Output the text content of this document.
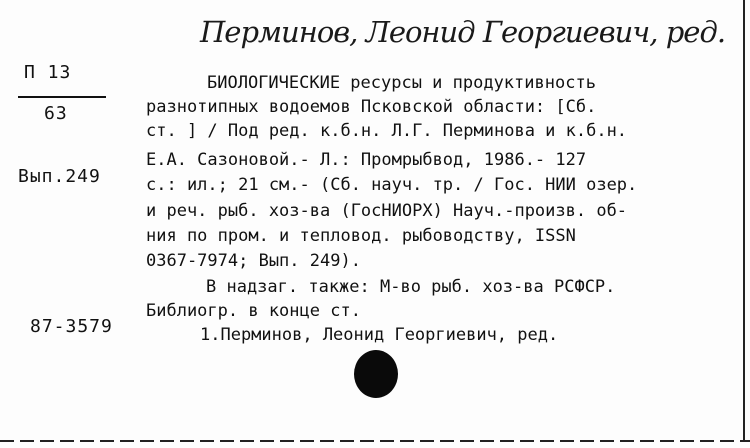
Перминов, Леонид Георгиевич, ред.
П 13
63
Вып.249
87-3579
БИОЛОГИЧЕСКИЕ ресурсы и продуктивность
разнотипных водоемов Псковской области: [Сб.
ст. ] / Под ред. к.б.н. Л.Г. Перминова и к.б.н.
Е.А. Сазоновой.- Л.: Промрыбвод, 1986.- 127
с.: ил.; 21 см.- (Сб. науч. тр. / Гос. НИИ озер.
и реч. рыб. хоз-ва (ГосНИОРХ) Науч.-произв. об-
ния по пром. и тепловод. рыбоводству, ISSN
0367-7974; Вып. 249).
В надзаг. также: М-во рыб. хоз-ва РСФСР.
Библиогр. в конце ст.
1.Перминов, Леонид Георгиевич, ред.
